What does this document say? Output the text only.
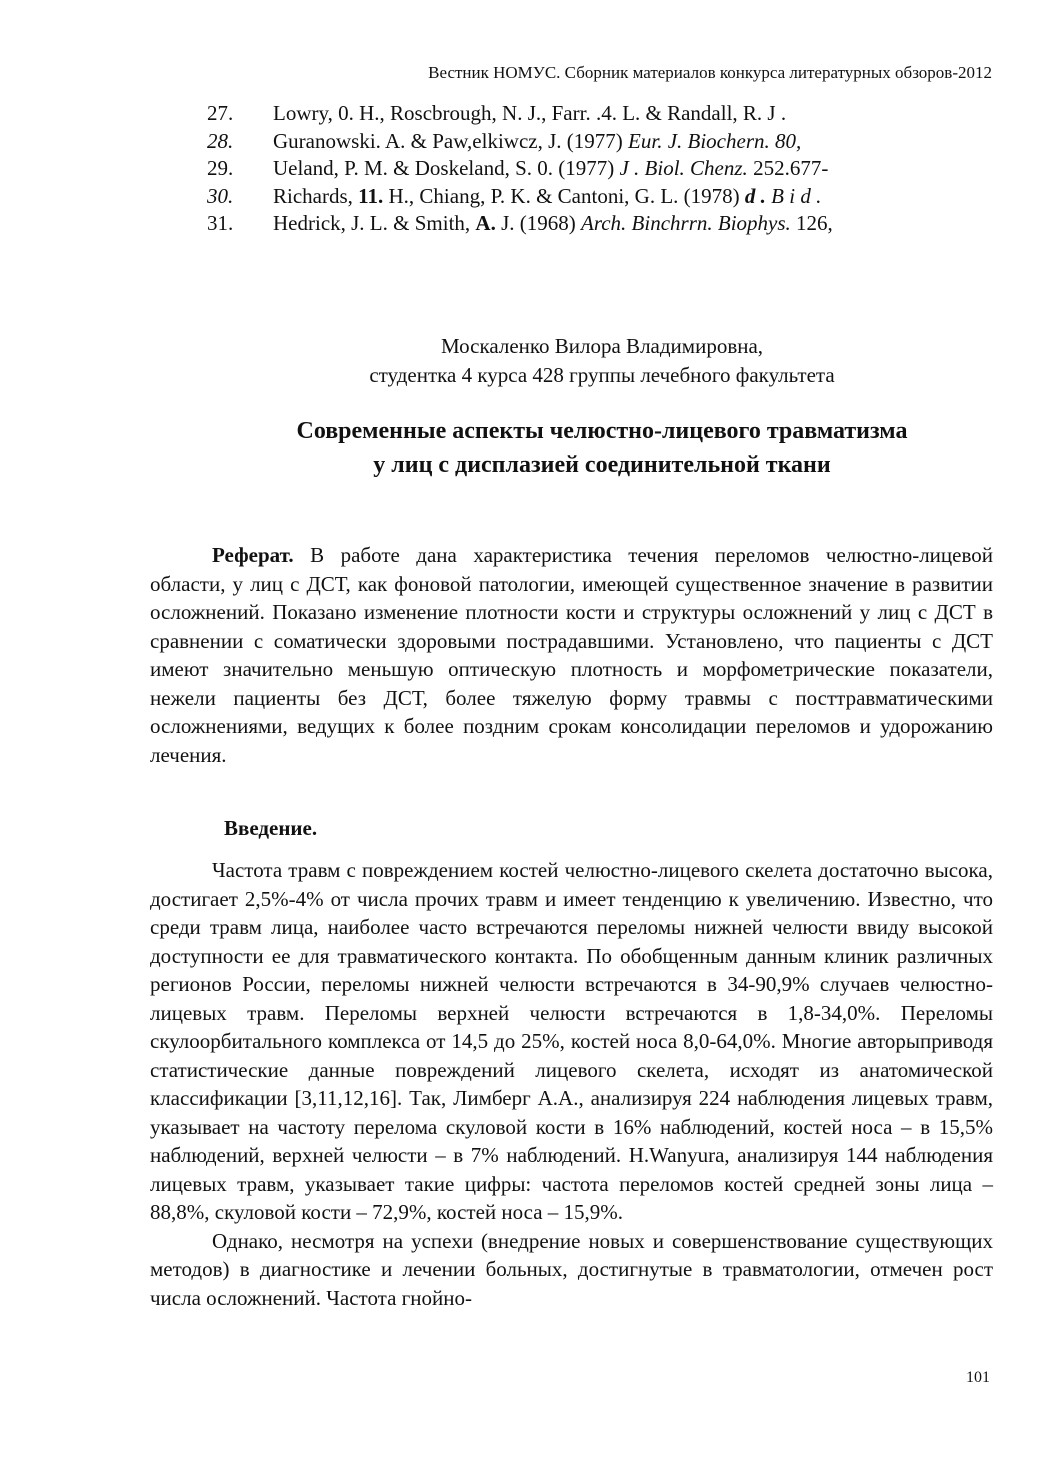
Вестник НОМУС. Сборник материалов конкурса литературных обзоров-2012
27.	Lowry, 0. H., Roscbrough, N. J., Farr. .4. L. & Randall, R. J .
28.	Guranowski. A. & Paw,elkiwcz, J. (1977) Eur. J. Biochern. 80,
29.	Ueland, P. M. & Doskeland, S. 0. (1977) J . Biol. Chenz. 252.677-
30.	Richards, 11. H., Chiang, P. K. & Cantoni, G. L. (1978) d . B i d .
31.	Hedrick, J. L. & Smith, A. J. (1968) Arch. Binchrrn. Biophys. 126,
Москаленко Вилора Владимировна,
студентка 4 курса 428 группы лечебного факультета
Современные аспекты челюстно-лицевого травматизма
у лиц с дисплазией соединительной ткани

Реферат. В работе дана характеристика течения переломов челюстно-лицевой области, у лиц с ДСТ, как фоновой патологии, имеющей существенное значение в развитии осложнений. Показано изменение плотности кости и структуры осложнений у лиц с ДСТ в сравнении с соматически здоровыми пострадавшими. Установлено, что пациенты с ДСТ имеют значительно меньшую оптическую плотность и морфометрические показатели, нежели пациенты без ДСТ, более тяжелую форму травмы с посттравматическими осложнениями, ведущих к более поздним срокам консолидации переломов и удорожанию лечения.

Введение.

Частота травм с повреждением костей челюстно-лицевого скелета достаточно высока, достигает 2,5%-4% от числа прочих травм и имеет тенденцию к увеличению. Известно, что среди травм лица, наиболее часто встречаются переломы нижней челюсти ввиду высокой доступности ее для травматического контакта. По обобщенным данным клиник различных регионов России, переломы нижней челюсти встречаются в 34-90,9% случаев челюстно-лицевых травм. Переломы верхней челюсти встречаются в 1,8-34,0%. Переломы скулоорбитального комплекса от 14,5 до 25%, костей носа 8,0-64,0%. Многие авторыприводя статистические данные повреждений лицевого скелета, исходят из анатомической классификации [3,11,12,16]. Так, Лимберг А.А., анализируя 224 наблюдения лицевых травм, указывает на частоту перелома скуловой кости в 16% наблюдений, костей носа – в 15,5% наблюдений, верхней челюсти – в 7% наблюдений. H.Wanyura, анализируя 144 наблюдения лицевых травм, указывает такие цифры: частота переломов костей средней зоны лица – 88,8%, скуловой кости – 72,9%, костей носа – 15,9%.

Однако, несмотря на успехи (внедрение новых и совершенствование существующих методов) в диагностике и лечении больных, достигнутые в травматологии, отмечен рост числа осложнений. Частота гнойно-

101
